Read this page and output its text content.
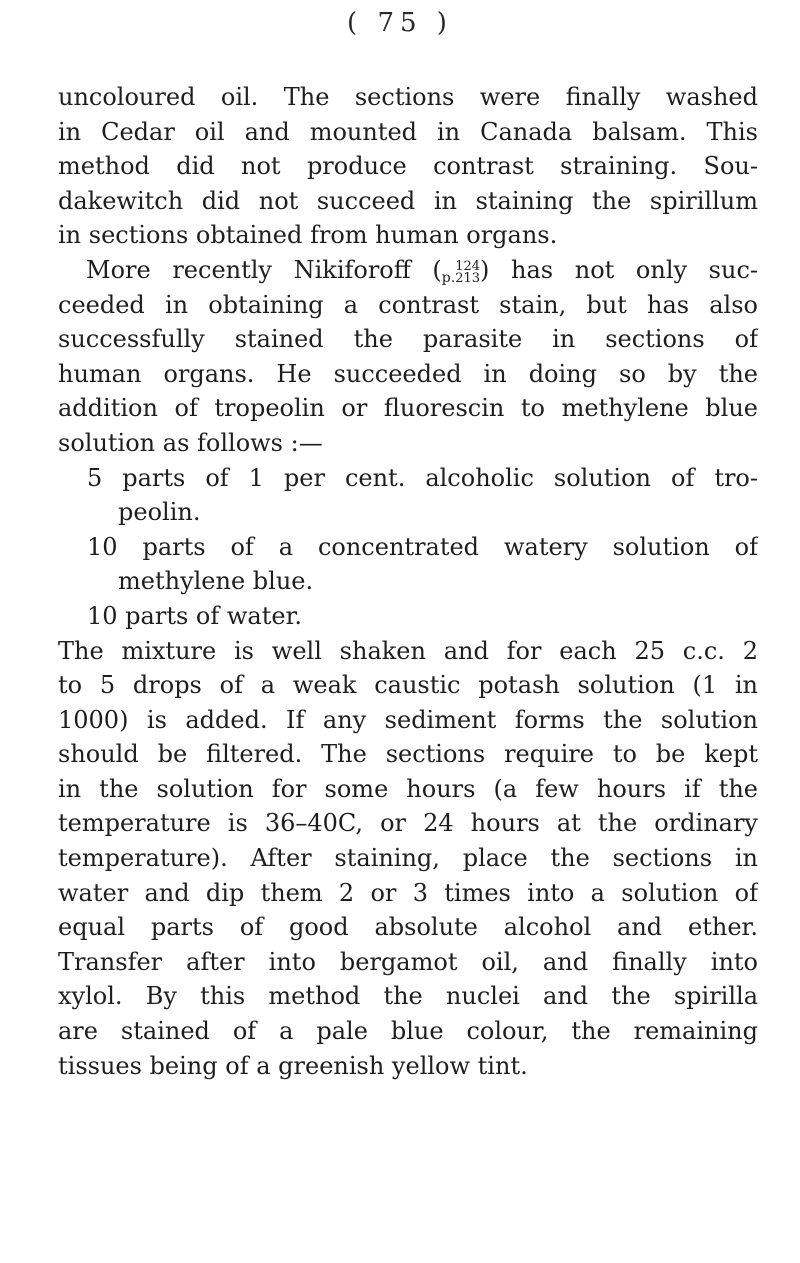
( 75 )
uncoloured oil. The sections were finally washed
in Cedar oil and mounted in Canada balsam. This
method did not produce contrast straining. Sou-
dakewitch did not succeed in staining the spirillum
in sections obtained from human organs.
More recently Nikiforoff (p.
124
213 ) has not only suc-
ceeded in obtaining a contrast stain, but has also
successfully stained the parasite in sections of
human organs. He succeeded in doing so by the
addition of tropeolin or fluorescin to methylene blue
solution as follows :—
5 parts of 1 per cent. alcoholic solution of tro-
peolin.
10 parts of a concentrated watery solution of
methylene blue.
10 parts of water.
The mixture is well shaken and for each 25 c.c. 2
to 5 drops of a weak caustic potash solution (1 in
1000) is added. If any sediment forms the solution
should be filtered. The sections require to be kept
in the solution for some hours (a few hours if the
temperature is 36–40C, or 24 hours at the ordinary
temperature). After staining, place the sections in
water and dip them 2 or 3 times into a solution of
equal parts of good absolute alcohol and ether.
Transfer after into bergamot oil, and finally into
xylol. By this method the nuclei and the spirilla
are stained of a pale blue colour, the remaining
tissues being of a greenish yellow tint.
